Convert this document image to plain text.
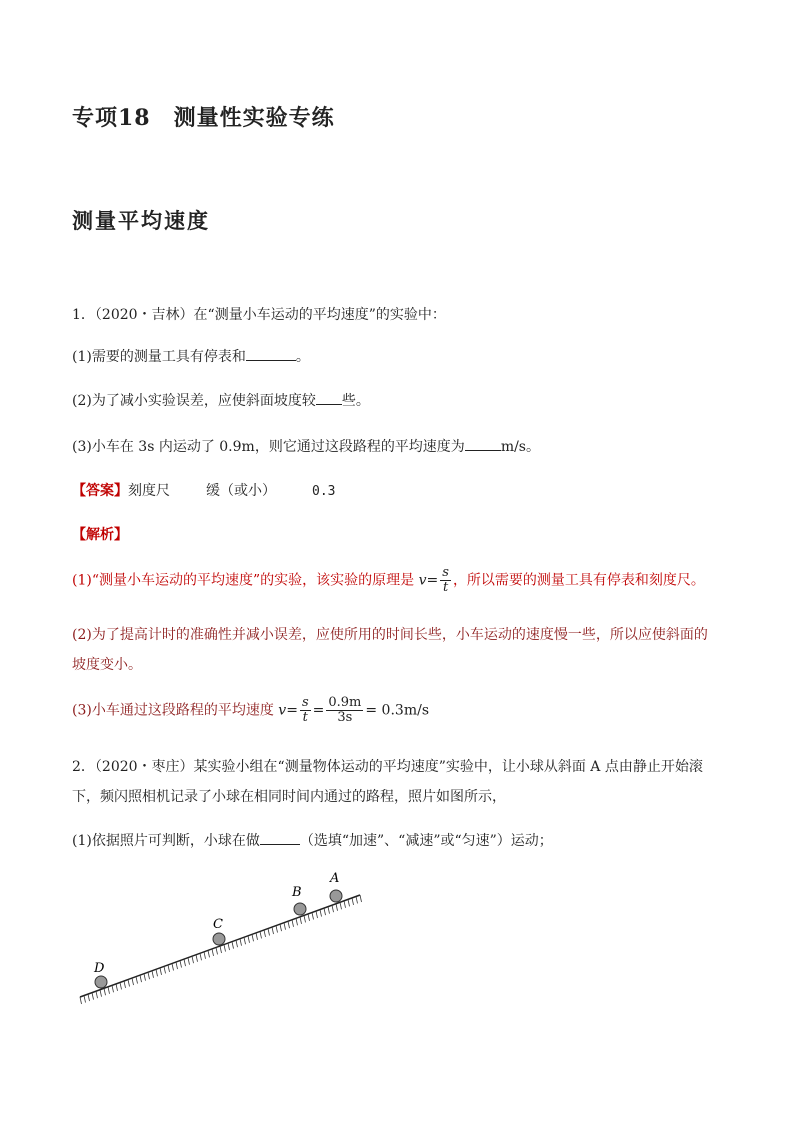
专项18　测量性实验专练
测量平均速度
1．（2020・吉林）在“测量小车运动的平均速度”的实验中：
(1)需要的测量工具有停表和	。
(2)为了减小实验误差，应使斜面坡度较 些。
(3)小车在 3s 内运动了 0.9m，则它通过这段路程的平均速度为	m/s。
【答案】刻度尺	缓（或小）	0.3
【解析】
(1)“测量小车运动的平均速度”的实验，该实验的原理是 $v= \frac{s}{t}$ ，所以需要的测量工具有停表和刻度尺。
(2)为了提高计时的准确性并减小误差，应使所用的时间长些，小车运动的速度慢一些，所以应使斜面的
坡度变小。
(3)小车通过这段路程的平均速度 $v= \frac{s}{t} = \frac{0.9m}{3s} = 0.3m/s$
2．（2020・枣庄）某实验小组在“测量物体运动的平均速度”实验中，让小球从斜面 A 点由静止开始滚
下，频闪照相机记录了小球在相同时间内通过的路程，照片如图所示，
(1)依据照片可判断，小球在做	（选填“加速”、“减速”或“匀速”）运动；
A
B
C
D
